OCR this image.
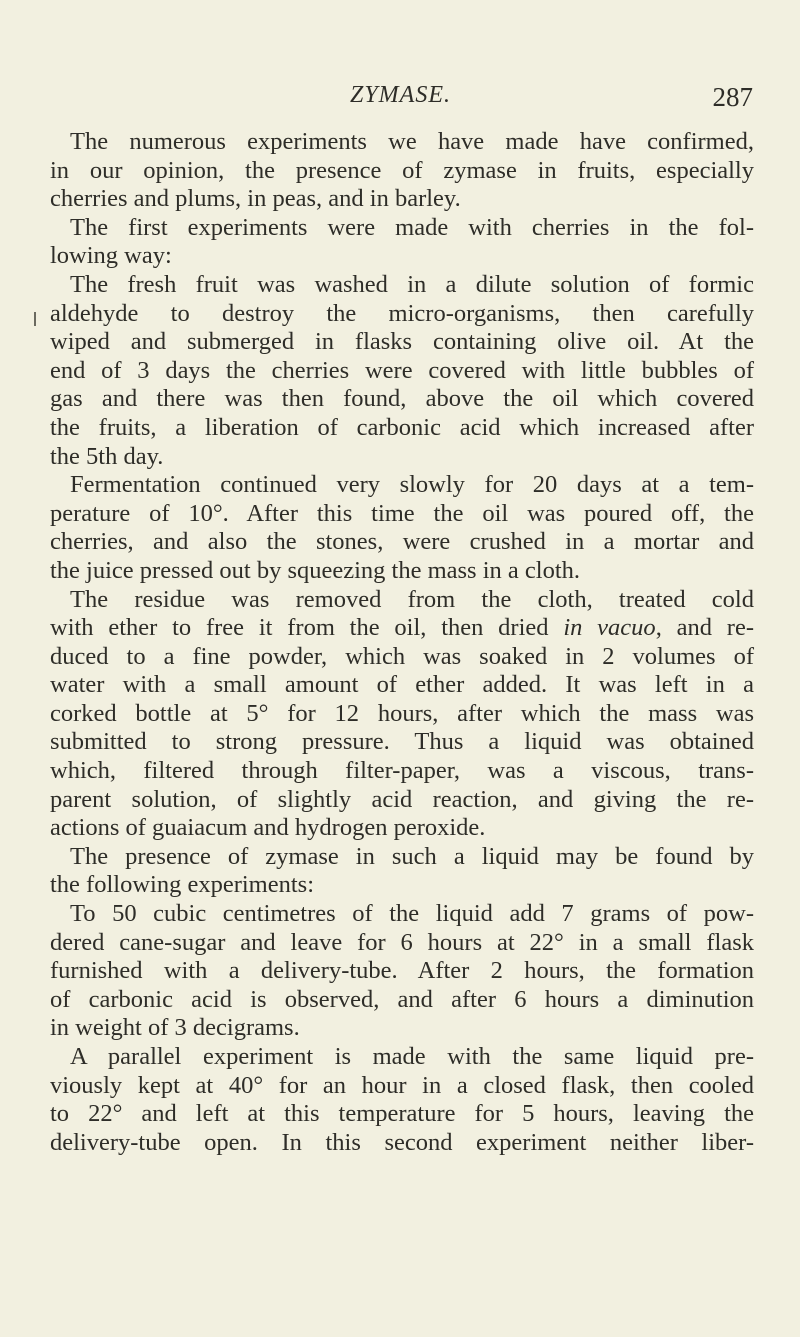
ZYMASE.	287
The numerous experiments we have made have confirmed,
in our opinion, the presence of zymase in fruits, especially
cherries and plums, in peas, and in barley.
The first experiments were made with cherries in the fol-
lowing way:
The fresh fruit was washed in a dilute solution of formic
aldehyde to destroy the micro-organisms, then carefully
wiped and submerged in flasks containing olive oil. At the
end of 3 days the cherries were covered with little bubbles of
gas and there was then found, above the oil which covered
the fruits, a liberation of carbonic acid which increased after
the 5th day.
Fermentation continued very slowly for 20 days at a tem-
perature of 10°. After this time the oil was poured off, the
cherries, and also the stones, were crushed in a mortar and
the juice pressed out by squeezing the mass in a cloth.
The residue was removed from the cloth, treated cold
with ether to free it from the oil, then dried in vacuo, and re-
duced to a fine powder, which was soaked in 2 volumes of
water with a small amount of ether added. It was left in a
corked bottle at 5° for 12 hours, after which the mass was
submitted to strong pressure. Thus a liquid was obtained
which, filtered through filter-paper, was a viscous, trans-
parent solution, of slightly acid reaction, and giving the re-
actions of guaiacum and hydrogen peroxide.
The presence of zymase in such a liquid may be found by
the following experiments:
To 50 cubic centimetres of the liquid add 7 grams of pow-
dered cane-sugar and leave for 6 hours at 22° in a small flask
furnished with a delivery-tube. After 2 hours, the formation
of carbonic acid is observed, and after 6 hours a diminution
in weight of 3 decigrams.
A parallel experiment is made with the same liquid pre-
viously kept at 40° for an hour in a closed flask, then cooled
to 22° and left at this temperature for 5 hours, leaving the
delivery-tube open. In this second experiment neither liber-
